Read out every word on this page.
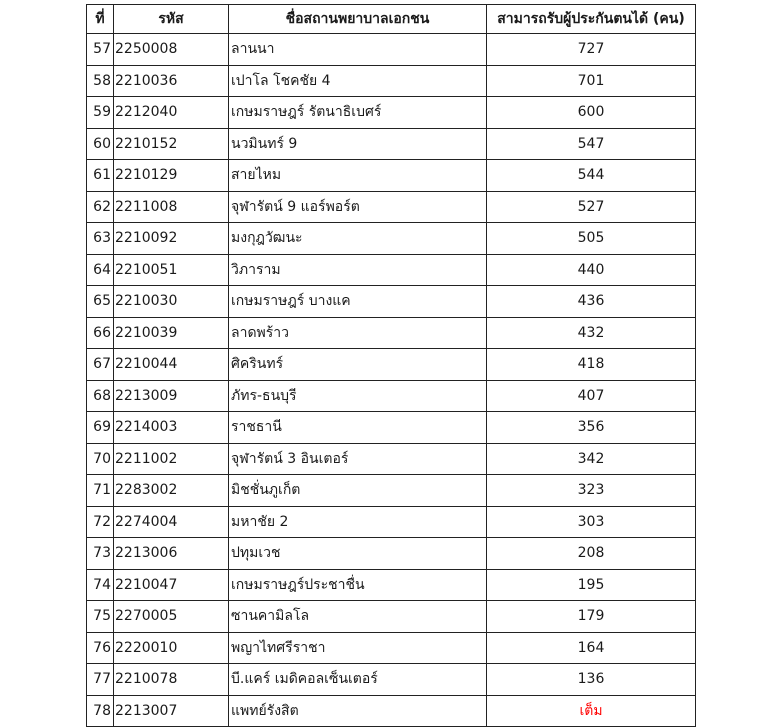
ที่	รหัส	ชื่อสถานพยาบาลเอกชน	สามารถรับผู้ประกันตนได้ (คน)
57	2250008	ลานนา	727
58	2210036	เปาโล โชคชัย 4	701
59	2212040	เกษมราษฎร์ รัตนาธิเบศร์	600
60	2210152	นวมินทร์ 9	547
61	2210129	สายไหม	544
62	2211008	จุฬารัตน์ 9 แอร์พอร์ต	527
63	2210092	มงกุฎวัฒนะ	505
64	2210051	วิภาราม	440
65	2210030	เกษมราษฎร์ บางแค	436
66	2210039	ลาดพร้าว	432
67	2210044	ศิครินทร์	418
68	2213009	ภัทร-ธนบุรี	407
69	2214003	ราชธานี	356
70	2211002	จุฬารัตน์ 3 อินเตอร์	342
71	2283002	มิชชั่นภูเก็ต	323
72	2274004	มหาชัย 2	303
73	2213006	ปทุมเวช	208
74	2210047	เกษมราษฎร์ประชาชื่น	195
75	2270005	ซานคามิลโล	179
76	2220010	พญาไทศรีราชา	164
77	2210078	บี.แคร์ เมดิคอลเซ็นเตอร์	136
78	2213007	แพทย์รังสิต	เต็ม
